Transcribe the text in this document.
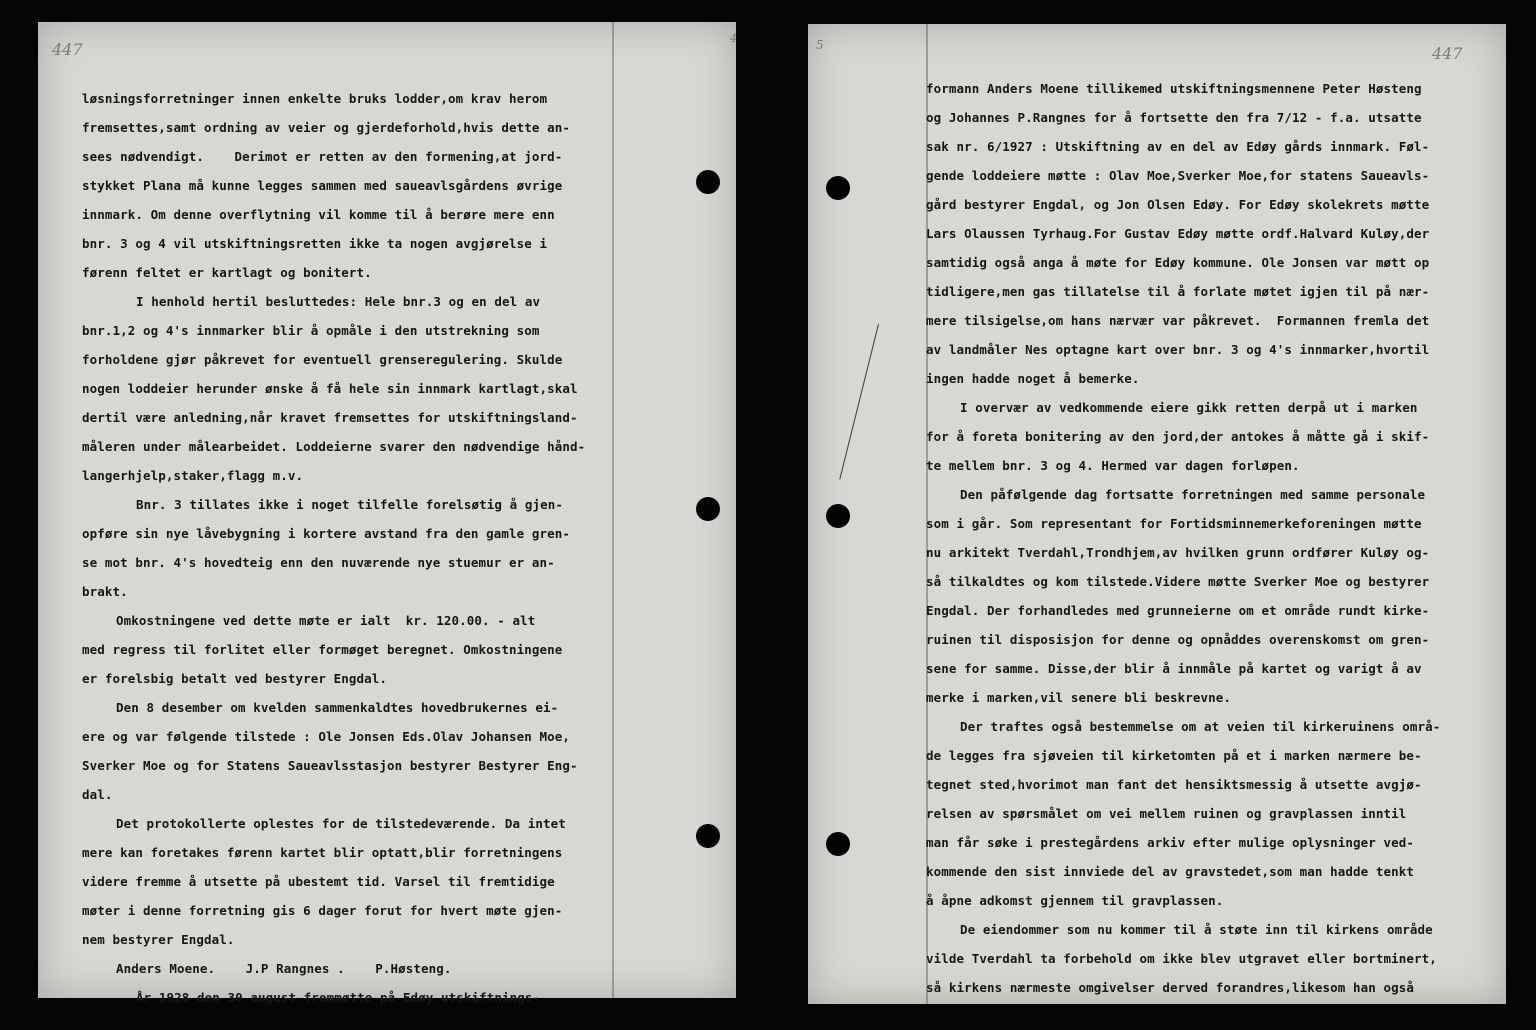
447
4
løsningsforretninger innen enkelte bruks lodder,om krav herom
fremsettes,samt ordning av veier og gjerdeforhold,hvis dette an-
sees nødvendigt.    Derimot er retten av den formening,at jord-
stykket Plana må kunne legges sammen med saueavlsgårdens øvrige
innmark. Om denne overflytning vil komme til å berøre mere enn
bnr. 3 og 4 vil utskiftningsretten ikke ta nogen avgjørelse i
førenn feltet er kartlagt og bonitert.
I henhold hertil besluttedes: Hele bnr.3 og en del av
bnr.1,2 og 4's innmarker blir å opmåle i den utstrekning som
forholdene gjør påkrevet for eventuell grenseregulering. Skulde
nogen loddeier herunder ønske å få hele sin innmark kartlagt,skal
dertil være anledning,når kravet fremsettes for utskiftningsland-
måleren under målearbeidet. Loddeierne svarer den nødvendige hånd-
langerhjelp,staker,flagg m.v.
Bnr. 3 tillates ikke i noget tilfelle forelsøtig å gjen-
opføre sin nye låvebygning i kortere avstand fra den gamle gren-
se mot bnr. 4's hovedteig enn den nuværende nye stuemur er an-
brakt.
Omkostningene ved dette møte er ialt  kr. 120.00. - alt
med regress til forlitet eller formøget beregnet. Omkostningene
er forelsbig betalt ved bestyrer Engdal.
Den 8 desember om kvelden sammenkaldtes hovedbrukernes ei-
ere og var følgende tilstede : Ole Jonsen Eds.Olav Johansen Moe,
Sverker Moe og for Statens Saueavlsstasjon bestyrer Bestyrer Eng-
dal.
Det protokollerte oplestes for de tilstedeværende. Da intet
mere kan foretakes førenn kartet blir optatt,blir forretningens
videre fremme å utsette på ubestemt tid. Varsel til fremtidige
møter i denne forretning gis 6 dager forut for hvert møte gjen-
nem bestyrer Engdal.
Anders Moene.    J.P Rangnes .    P.Høsteng.
År 1928 den 30 august fremmøtte på Edøy utskiftnings-
5	447
formann Anders Moene tillikemed utskiftningsmennene Peter Høsteng
og Johannes P.Rangnes for å fortsette den fra 7/12 - f.a. utsatte
sak nr. 6/1927 : Utskiftning av en del av Edøy gårds innmark. Føl-
gende loddeiere møtte : Olav Moe,Sverker Moe,for statens Saueavls-
gård bestyrer Engdal, og Jon Olsen Edøy. For Edøy skolekrets møtte
Lars Olaussen Tyrhaug.For Gustav Edøy møtte ordf.Halvard Kuløy,der
samtidig også anga å møte for Edøy kommune. Ole Jonsen var møtt op
tidligere,men gas tillatelse til å forlate møtet igjen til på nær-
mere tilsigelse,om hans nærvær var påkrevet.  Formannen fremla det
av landmåler Nes optagne kart over bnr. 3 og 4's innmarker,hvortil
ingen hadde noget å bemerke.
I overvær av vedkommende eiere gikk retten derpå ut i marken
for å foreta bonitering av den jord,der antokes å måtte gå i skif-
te mellem bnr. 3 og 4. Hermed var dagen forløpen.
Den påfølgende dag fortsatte forretningen med samme personale
som i går. Som representant for Fortidsminnemerkeforeningen møtte
nu arkitekt Tverdahl,Trondhjem,av hvilken grunn ordfører Kuløy og-
så tilkaldtes og kom tilstede.Videre møtte Sverker Moe og bestyrer
Engdal. Der forhandledes med grunneierne om et område rundt kirke-
ruinen til disposisjon for denne og opnåddes overenskomst om gren-
sene for samme. Disse,der blir å innmåle på kartet og varigt å av
merke i marken,vil senere bli beskrevne.
Der traftes også bestemmelse om at veien til kirkeruinens områ-
de legges fra sjøveien til kirketomten på et i marken nærmere be-
tegnet sted,hvorimot man fant det hensiktsmessig å utsette avgjø-
relsen av spørsmålet om vei mellem ruinen og gravplassen inntil
man får søke i prestegårdens arkiv efter mulige oplysninger ved-
kommende den sist innviede del av gravstedet,som man hadde tenkt
å åpne adkomst gjennem til gravplassen.
De eiendommer som nu kommer til å støte inn til kirkens område
vilde Tverdahl ta forbehold om ikke blev utgravet eller bortminert,
så kirkens nærmeste omgivelser derved forandres,likesom han også
